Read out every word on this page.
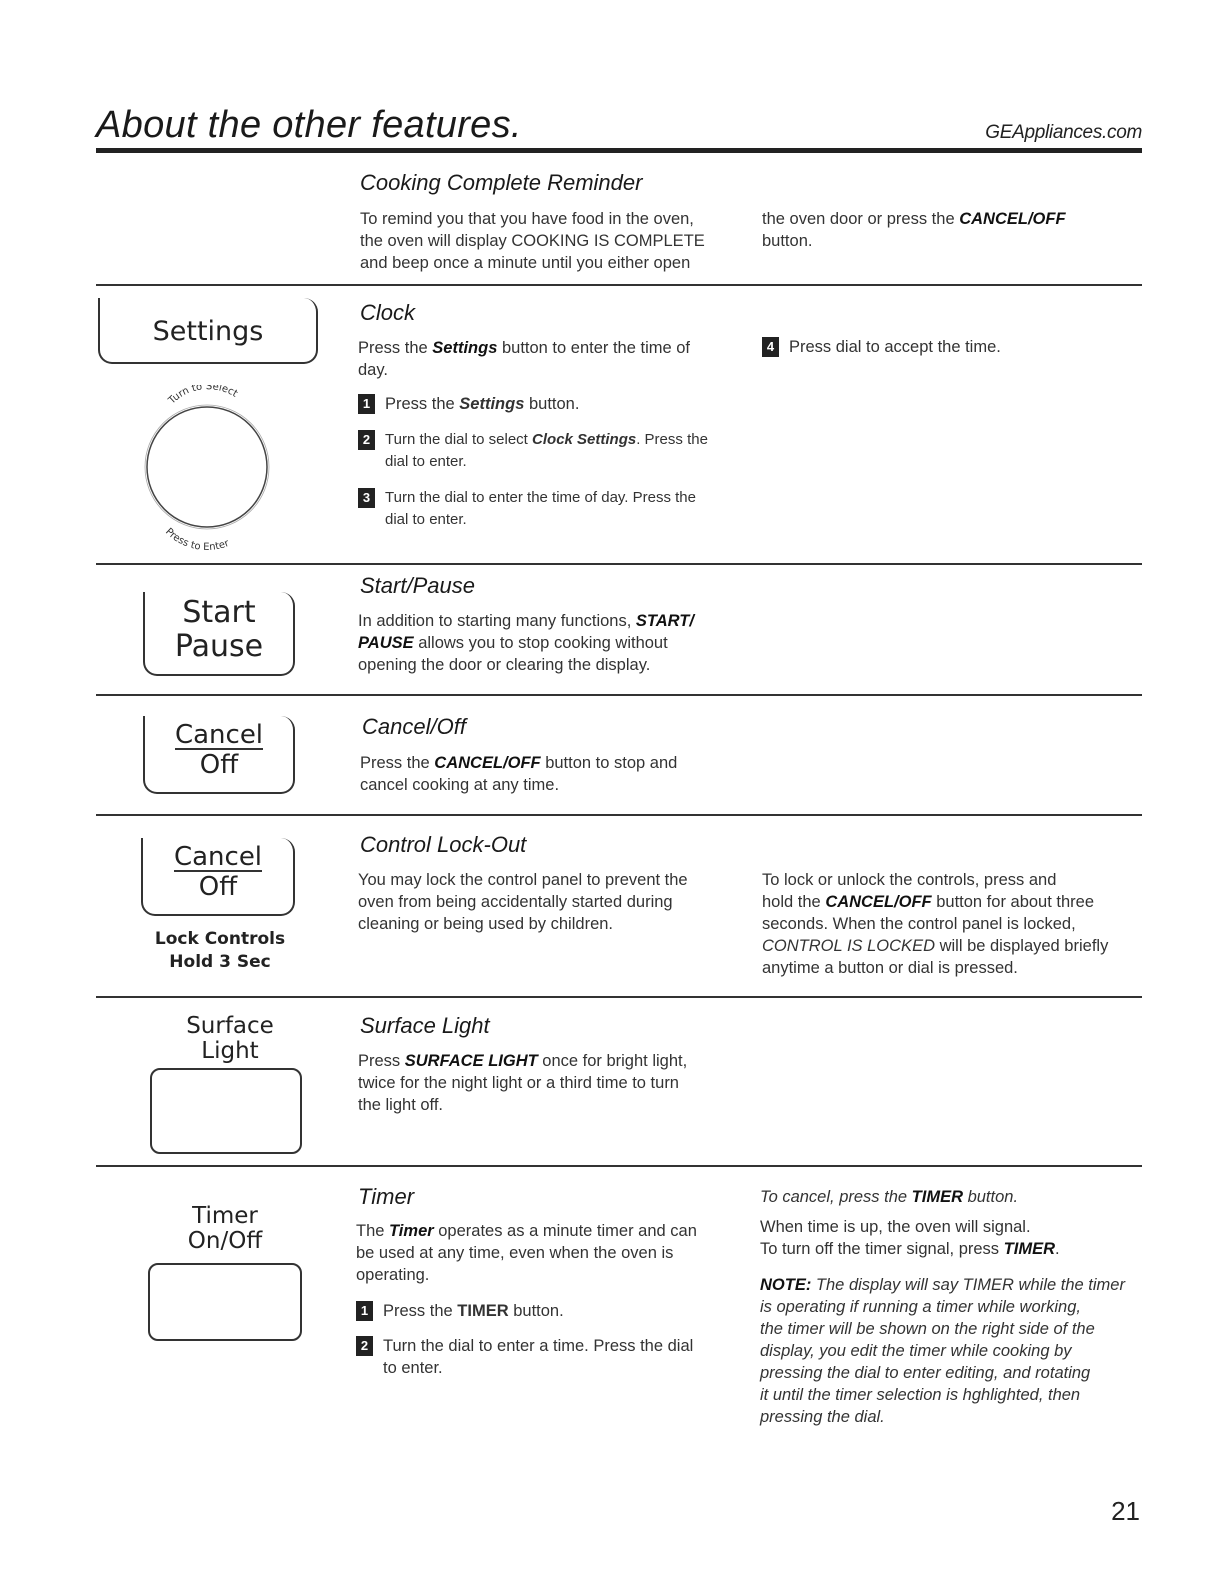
About the other features.	GEAppliances.com
Cooking Complete Reminder
To remind you that you have food in the oven,
the oven will display COOKING IS COMPLETE
and beep once a minute until you either open
the oven door or press the CANCEL/OFF
button.
Settings
Turn to Select
Press to Enter
Clock
Press the Settings button to enter the time of
day.
1 Press the Settings button.
2 Turn the dial to select Clock Settings. Press the
dial to enter.
3 Turn the dial to enter the time of day. Press the
dial to enter.
4 Press dial to accept the time.
Start
Pause
Start/Pause
In addition to starting many functions, START/
PAUSE allows you to stop cooking without
opening the door or clearing the display.
Cancel
Off
Cancel/Off
Press the CANCEL/OFF button to stop and
cancel cooking at any time.
Cancel
Off
Lock Controls
Hold 3 Sec
Control Lock-Out
You may lock the control panel to prevent the
oven from being accidentally started during
cleaning or being used by children.
To lock or unlock the controls, press and
hold the CANCEL/OFF button for about three
seconds. When the control panel is locked,
CONTROL IS LOCKED will be displayed briefly
anytime a button or dial is pressed.
Surface
Light
Surface Light
Press SURFACE LIGHT once for bright light,
twice for the night light or a third time to turn
the light off.
Timer
On/Off
Timer
The Timer operates as a minute timer and can
be used at any time, even when the oven is
operating.
1 Press the TIMER button.
2 Turn the dial to enter a time. Press the dial
to enter.
To cancel, press the TIMER button.
When time is up, the oven will signal.
To turn off the timer signal, press TIMER.
NOTE: The display will say TIMER while the timer
is operating if running a timer while working,
the timer will be shown on the right side of the
display, you edit the timer while cooking by
pressing the dial to enter editing, and rotating
it until the timer selection is hghlighted, then
pressing the dial.
21
